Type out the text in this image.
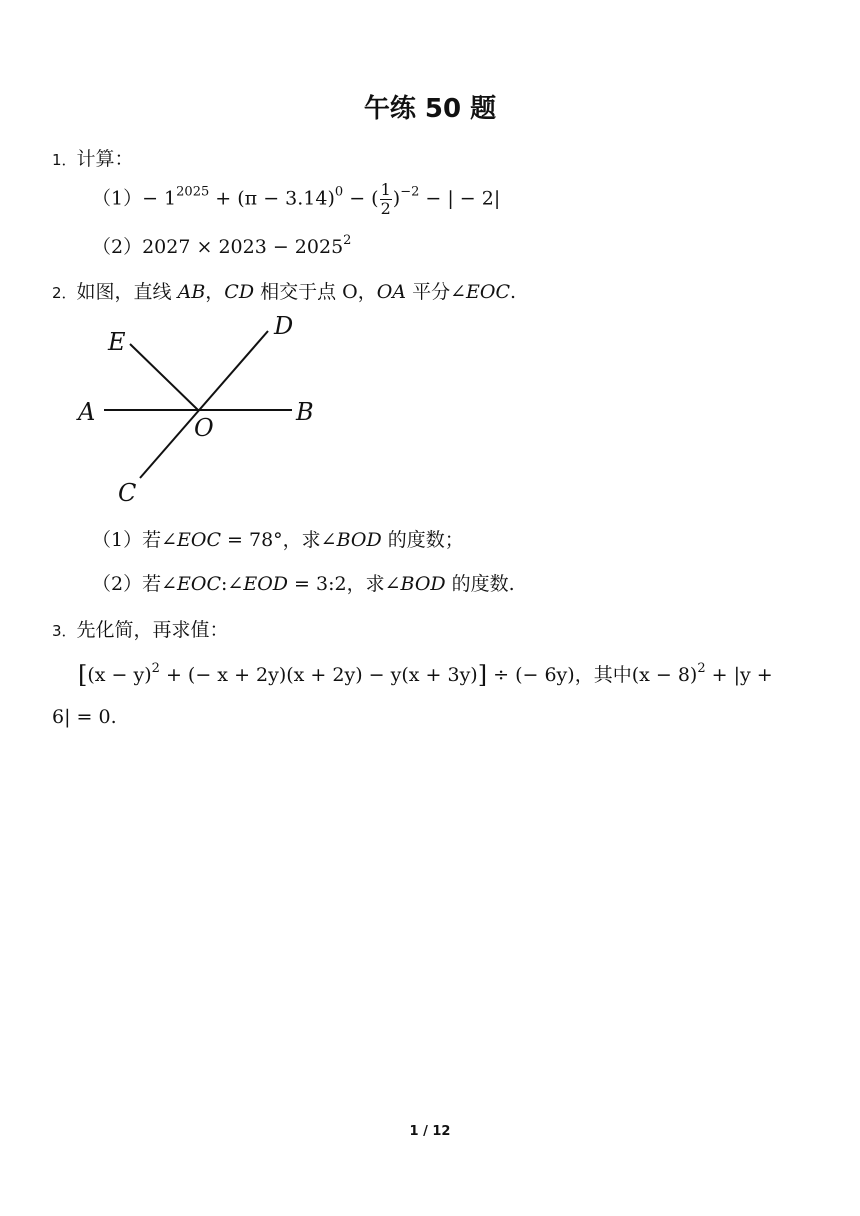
午练 50 题
1．计算：
$(1)- 1^{2025} + (\pi - 3.14)^0$ − ( $\frac{1}{2} )^{-2}$ − | − 2|
$(2)2027 \times 2023 - 2025^2$
2．如图，直线 AB，CD 相交于点 O，OA 平分∠EOC.
E
D
A
O
B
C
（1）若∠EOC = 78°，求∠BOD 的度数；
（2）若∠EOC:∠EOD = 3:2，求∠BOD 的度数.
3．先化简，再求值：
[$(x - y)^2$ + (− x + 2y)(x + 2y) − y(x + 3y)] ÷ (− 6y)，其中$(x - 8)^2 + |y$ +
6| = 0.
1 / 12
